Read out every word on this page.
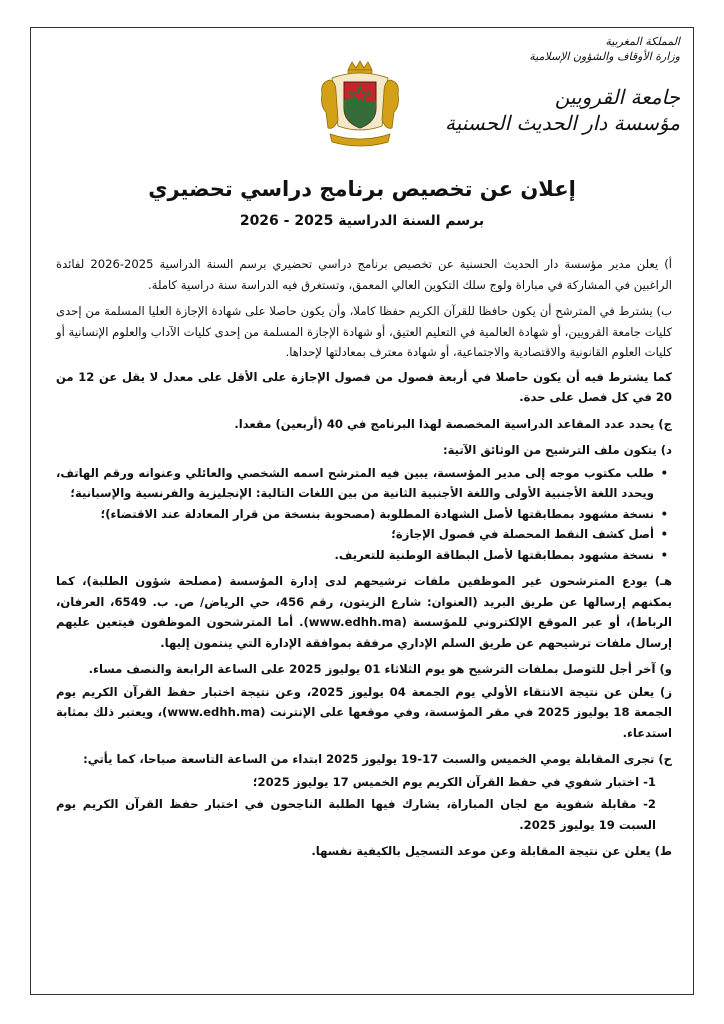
المملكة المغربية
وزارة الأوقاف والشؤون الإسلامية
جامعة القرويين
مؤسسة دار الحديث الحسنية
إعلان عن تخصيص برنامج دراسي تحضيري
برسم السنة الدراسية 2025 - 2026

أ) يعلن مدير مؤسسة دار الحديث الحسنية عن تخصيص برنامج دراسي تحضيري برسم السنة الدراسية 2025-2026 لفائدة الراغبين في المشاركة في مباراة ولوج سلك التكوين العالي المعمق، وتستغرق فيه الدراسة سنة دراسية كاملة.

ب) يشترط في المترشح أن يكون حافظا للقرآن الكريم حفظا كاملا، وأن يكون حاصلا على شهادة الإجازة العليا المسلمة من إحدى كليات جامعة القرويين، أو شهادة العالمية في التعليم العتيق، أو شهادة الإجازة المسلمة من إحدى كليات الآداب والعلوم الإنسانية أو كليات العلوم القانونية والاقتصادية والاجتماعية، أو شهادة معترف بمعادلتها لإحداها.

كما يشترط فيه أن يكون حاصلا في أربعة فصول من فصول الإجازة على الأقل على معدل لا يقل عن 12 من 20 في كل فصل على حدة.

ج) يحدد عدد المقاعد الدراسية المخصصة لهذا البرنامج في 40 (أربعين) مقعدا.

د) يتكون ملف الترشيح من الوثائق الآتية:

•
طلب مكتوب موجه إلى مدير المؤسسة، يبين فيه المترشح اسمه الشخصي والعائلي وعنوانه ورقم الهاتف، ويحدد اللغة الأجنبية الأولى واللغة الأجنبية الثانية من بين اللغات التالية: الإنجليزية والفرنسية والإسبانية؛
•
نسخة مشهود بمطابقتها لأصل الشهادة المطلوبة (مصحوبة بنسخة من قرار المعادلة عند الاقتضاء)؛
•
أصل كشف النقط المحصلة في فصول الإجازة؛
•
نسخة مشهود بمطابقتها لأصل البطاقة الوطنية للتعريف.

هـ) يودع المترشحون غير الموظفين ملفات ترشيحهم لدى إدارة المؤسسة (مصلحة شؤون الطلبة)، كما يمكنهم إرسالها عن طريق البريد (العنوان: شارع الزيتون، رقم 456، حي الرياض/ ص. ب. 6549، العرفان، الرباط)، أو عبر الموقع الإلكتروني للمؤسسة (www.edhh.ma). أما المترشحون الموظفون فيتعين عليهم إرسال ملفات ترشيحهم عن طريق السلم الإداري مرفقة بموافقة الإدارة التي ينتمون إليها.

و) آخر أجل للتوصل بملفات الترشيح هو يوم الثلاثاء 01 يوليوز 2025 على الساعة الرابعة والنصف مساء.

ز) يعلن عن نتيجة الانتقاء الأولي يوم الجمعة 04 يوليوز 2025، وعن نتيجة اختبار حفظ القرآن الكريم يوم الجمعة 18 يوليوز 2025 في مقر المؤسسة، وفي موقعها على الإنترنت (www.edhh.ma)، ويعتبر ذلك بمثابة استدعاء.

ح) تجرى المقابلة يومي الخميس والسبت 17-19 يوليوز 2025 ابتداء من الساعة التاسعة صباحا، كما يأتي:

1- اختبار شفوي في حفظ القرآن الكريم يوم الخميس 17 يوليوز 2025؛
2- مقابلة شفوية مع لجان المباراة، يشارك فيها الطلبة الناجحون في اختبار حفظ القرآن الكريم يوم السبت 19 يوليوز 2025.

ط) يعلن عن نتيجة المقابلة وعن موعد التسجيل بالكيفية نفسها.
